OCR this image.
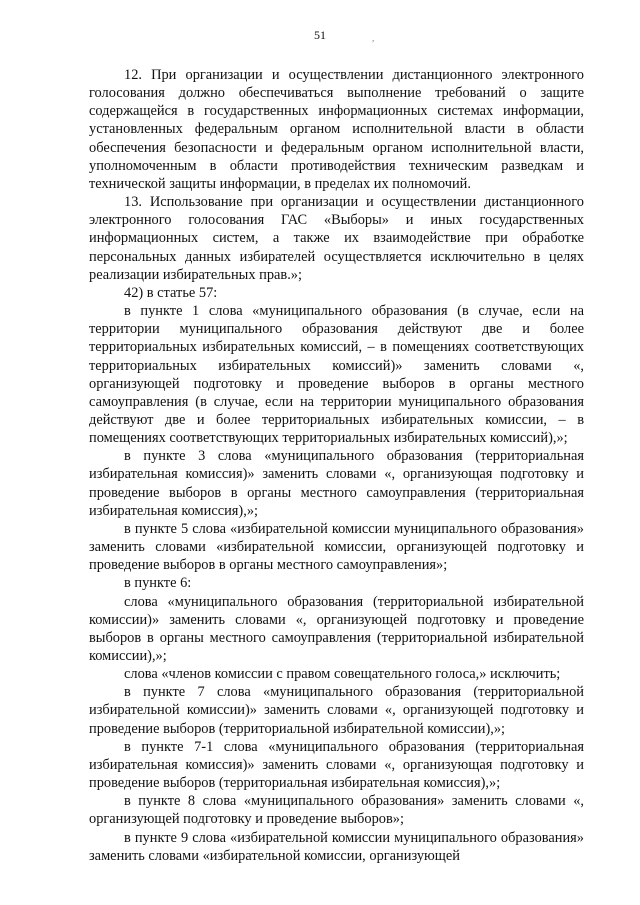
51	,

12. При организации и осуществлении дистанционного электронного голосования должно обеспечиваться выполнение требований о защите содержащейся в государственных информационных системах информации, установленных федеральным органом исполнительной власти в области обеспечения безопасности и федеральным органом исполнительной власти, уполномоченным в области противодействия техническим разведкам и технической защиты информации, в пределах их полномочий.

13. Использование при организации и осуществлении дистанционного электронного голосования ГАС «Выборы» и иных государственных информационных систем, а также их взаимодействие при обработке персональных данных избирателей осуществляется исключительно в целях реализации избирательных прав.»;

42) в статье 57:

в пункте 1 слова «муниципального образования (в случае, если на территории муниципального образования действуют две и более территориальных избирательных комиссий, – в помещениях соответствующих территориальных избирательных комиссий)» заменить словами «, организующей подготовку и проведение выборов в органы местного самоуправления (в случае, если на территории муниципального образования действуют две и более территориальных избирательных комиссии, – в помещениях соответствующих территориальных избирательных комиссий),»;

в пункте 3 слова «муниципального образования (территориальная избирательная комиссия)» заменить словами «, организующая подготовку и проведение выборов в органы местного самоуправления (территориальная избирательная комиссия),»;

в пункте 5 слова «избирательной комиссии муниципального образования» заменить словами «избирательной комиссии, организующей подготовку и проведение выборов в органы местного самоуправления»;

в пункте 6:

слова «муниципального образования (территориальной избирательной комиссии)» заменить словами «, организующей подготовку и проведение выборов в органы местного самоуправления (территориальной избирательной комиссии),»;

слова «членов комиссии с правом совещательного голоса,» исключить;

в пункте 7 слова «муниципального образования (территориальной избирательной комиссии)» заменить словами «, организующей подготовку и проведение выборов (территориальной избирательной комиссии),»;

в пункте 7-1 слова «муниципального образования (территориальная избирательная комиссия)» заменить словами «, организующая подготовку и проведение выборов (территориальная избирательная комиссия),»;

в пункте 8 слова «муниципального образования» заменить словами «, организующей подготовку и проведение выборов»;

в пункте 9 слова «избирательной комиссии муниципального образования» заменить словами «избирательной комиссии, организующей
